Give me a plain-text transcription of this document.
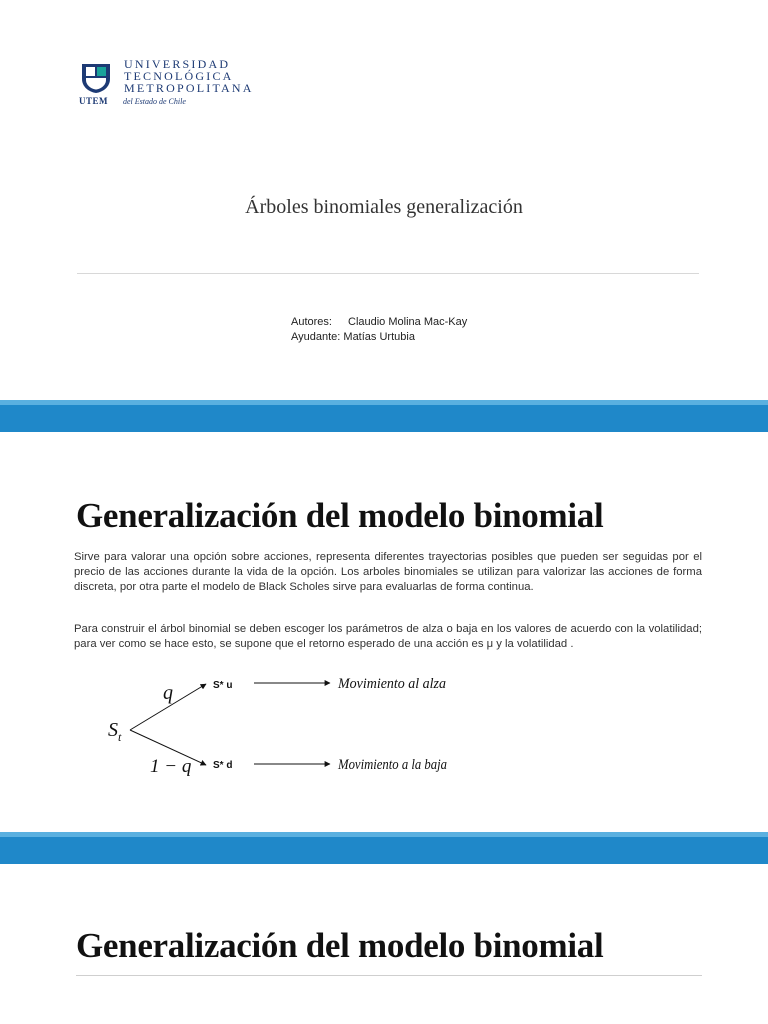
UTEM
UNIVERSIDAD
TECNOLÓGICA
METROPOLITANA
del Estado de Chile
Árboles binomiales generalización
Autores: Claudio Molina Mac-Kay
Ayudante: Matías Urtubia
Generalización del modelo binomial
Sirve para valorar una opción sobre acciones, representa diferentes trayectorias posibles que pueden ser seguidas por el precio de las acciones durante la vida de la opción. Los arboles binomiales se utilizan para valorizar las acciones de forma discreta, por otra parte el modelo de Black Scholes sirve para evaluarlas de forma continua.
Para construir el árbol binomial se deben escoger los parámetros de alza o baja en los valores de acuerdo con la volatilidad; para ver como se hace esto, se supone que el retorno esperado de una acción es μ y la volatilidad .
$S_t$
q
1 − q
S* u
S* d
Movimiento al alza
Movimiento a la baja
Generalización del modelo binomial
